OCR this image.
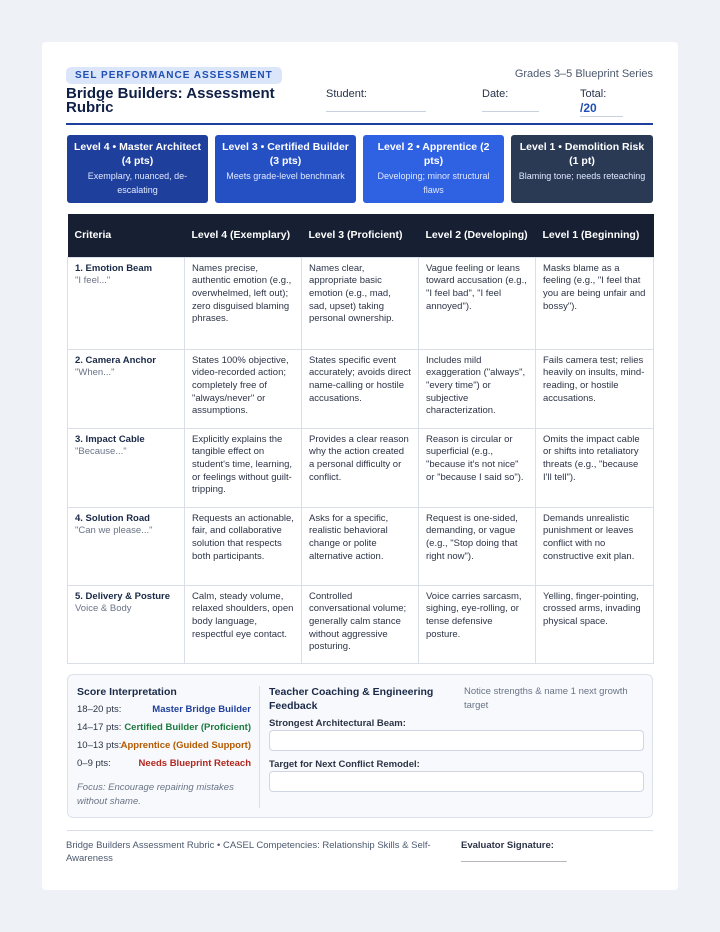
SEL PERFORMANCE ASSESSMENT	Grades 3–5 Blueprint Series
Bridge Builders: Assessment Rubric
Student:	Date:	Total:
/20
Level 4 • Master Architect (4 pts)
Exemplary, nuanced, de-escalating
Level 3 • Certified Builder (3 pts)
Meets grade-level benchmark
Level 2 • Apprentice (2 pts)
Developing; minor structural flaws
Level 1 • Demolition Risk (1 pt)
Blaming tone; needs reteaching
Criteria	Level 4 (Exemplary)	Level 3 (Proficient)	Level 2 (Developing)	Level 1 (Beginning)

1. Emotion Beam
"I feel..."	Names precise, authentic emotion (e.g., overwhelmed, left out); zero disguised blaming phrases.	Names clear, appropriate basic emotion (e.g., mad, sad, upset) taking personal ownership.	Vague feeling or leans toward accusation (e.g., "I feel bad", "I feel annoyed").	Masks blame as a feeling (e.g., "I feel that you are being unfair and bossy").

2. Camera Anchor
"When..."	States 100% objective, video-recorded action; completely free of "always/never" or assumptions.	States specific event accurately; avoids direct name-calling or hostile accusations.	Includes mild exaggeration ("always", "every time") or subjective characterization.	Fails camera test; relies heavily on insults, mind-reading, or hostile accusations.

3. Impact Cable
"Because..."	Explicitly explains the tangible effect on student's time, learning, or feelings without guilt-tripping.	Provides a clear reason why the action created a personal difficulty or conflict.	Reason is circular or superficial (e.g., "because it's not nice" or "because I said so").	Omits the impact cable or shifts into retaliatory threats (e.g., "because I'll tell").

4. Solution Road
"Can we please..."	Requests an actionable, fair, and collaborative solution that respects both participants.	Asks for a specific, realistic behavioral change or polite alternative action.	Request is one-sided, demanding, or vague (e.g., "Stop doing that right now").	Demands unrealistic punishment or leaves conflict with no constructive exit plan.

5. Delivery & Posture
Voice & Body	Calm, steady volume, relaxed shoulders, open body language, respectful eye contact.	Controlled conversational volume; generally calm stance without aggressive posturing.	Voice carries sarcasm, sighing, eye-rolling, or tense defensive posture.	Yelling, finger-pointing, crossed arms, invading physical space.
Score Interpretation
18–20 pts:	Master Bridge Builder
14–17 pts: Certified Builder (Proficient)
10–13 pts: Apprentice (Guided Support)
0–9 pts:	Needs Blueprint Reteach
Focus: Encourage repairing mistakes without shame.
Teacher Coaching & Engineering Feedback
Notice strengths & name 1 next growth target
Strongest Architectural Beam:
Target for Next Conflict Remodel:
Bridge Builders Assessment Rubric • CASEL Competencies: Relationship Skills & Self-Awareness
Evaluator Signature:
____________________
